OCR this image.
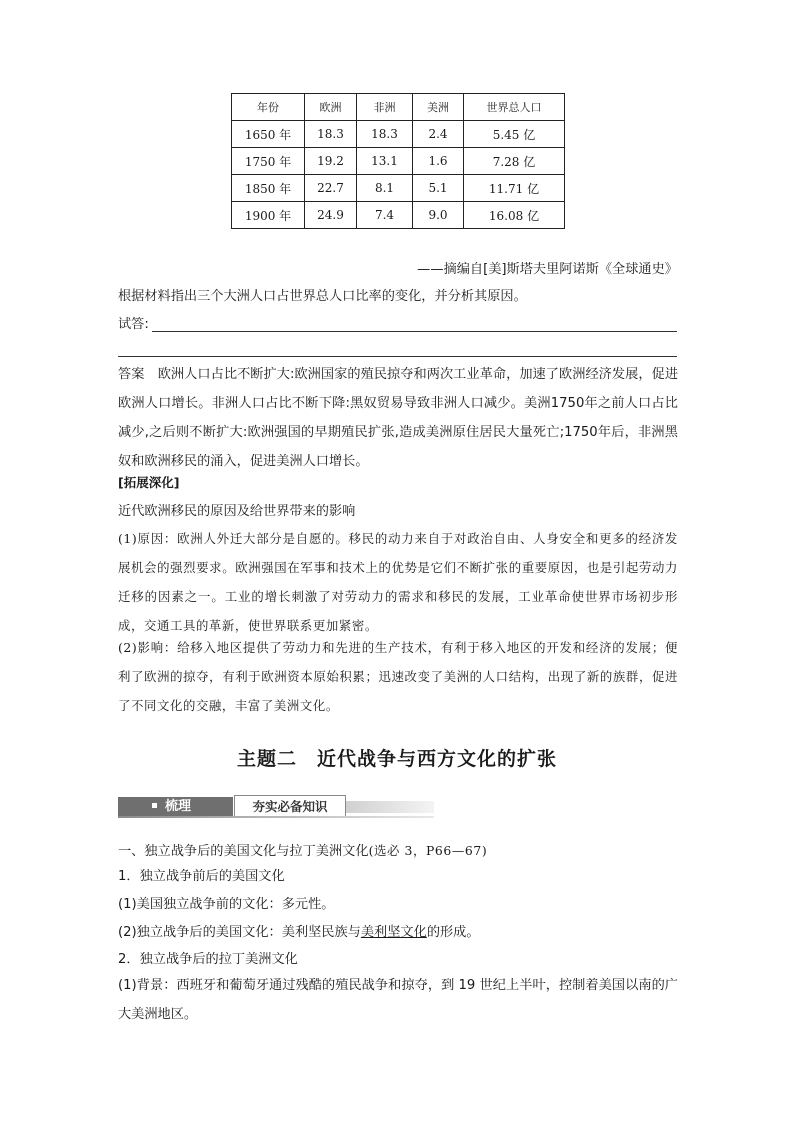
年份	欧洲	非洲	美洲	世界总人口
1650 年	18.3	18.3	2.4	5.45 亿
1750 年	19.2	13.1	1.6	7.28 亿
1850 年	22.7	8.1	5.1	11.71 亿
1900 年	24.9	7.4	9.0	16.08 亿
——摘编自[美]斯塔夫里阿诺斯《全球通史》
根据材料指出三个大洲人口占世界总人口比率的变化，并分析其原因。
试答:
答案　 欧洲人口占比不断扩大:欧洲国家的殖民掠夺和两次工业革命，加速了欧洲经济发展，促进欧洲人口增长。非洲人口占比不断下降:黑奴贸易导致非洲人口减少。美洲1750年之前人口占比减少,之后则不断扩大:欧洲强国的早期殖民扩张,造成美洲原住居民大量死亡;1750年后，非洲黑奴和欧洲移民的涌入，促进美洲人口增长。
[拓展深化]
近代欧洲移民的原因及给世界带来的影响
(1)原因：欧洲人外迁大部分是自愿的。移民的动力来自于对政治自由、人身安全和更多的经济发展机会的强烈要求。欧洲强国在军事和技术上的优势是它们不断扩张的重要原因，也是引起劳动力迁移的因素之一。工业的增长刺激了对劳动力的需求和移民的发展，工业革命使世界市场初步形成，交通工具的革新，使世界联系更加紧密。
(2)影响：给移入地区提供了劳动力和先进的生产技术，有利于移入地区的开发和经济的发展；便利了欧洲的掠夺，有利于欧洲资本原始积累；迅速改变了美洲的人口结构，出现了新的族群，促进了不同文化的交融，丰富了美洲文化。
主题二　近代战争与西方文化的扩张
梳理	夯实必备知识
一、独立战争后的美国文化与拉丁美洲文化(选必 3，P66—67)
1．独立战争前后的美国文化
(1)美国独立战争前的文化：多元性。
(2)独立战争后的美国文化：美利坚民族与美利坚文化的形成。
2．独立战争后的拉丁美洲文化
(1)背景：西班牙和葡萄牙通过残酷的殖民战争和掠夺，到 19 世纪上半叶，控制着美国以南的广大美洲地区。
